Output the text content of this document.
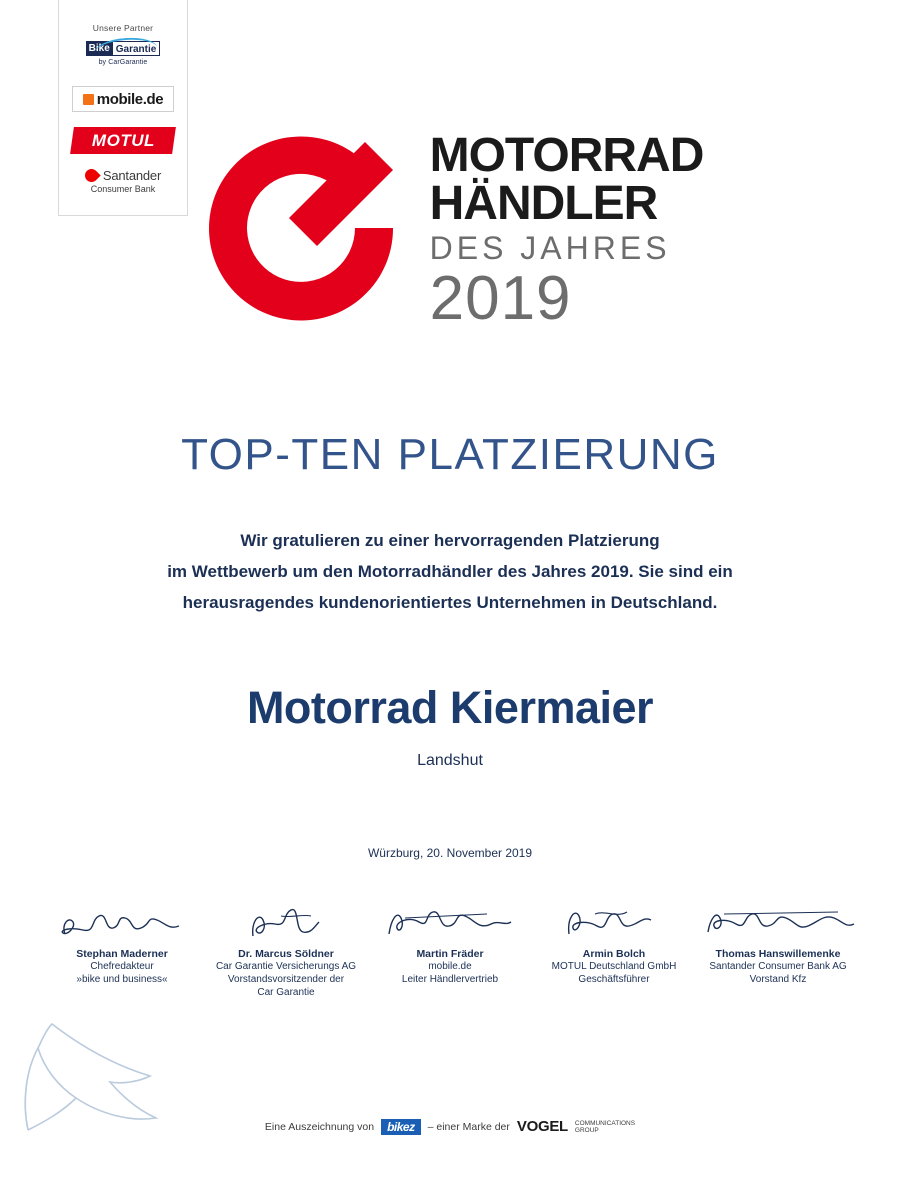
Unsere Partner
Bike Garantie
by CarGarantie
mobile.de
MOTUL
Santander
Consumer Bank
MOTORRAD
HÄNDLER
DES JAHRES
2019
TOP-TEN PLATZIERUNG
Wir gratulieren zu einer hervorragenden Platzierung
im Wettbewerb um den Motorradhändler des Jahres 2019. Sie sind ein
herausragendes kundenorientiertes Unternehmen in Deutschland.
Motorrad Kiermaier
Landshut
Würzburg, 20. November 2019
Stephan Maderner
Chefredakteur
»bike und business«
Dr. Marcus Söldner
Car Garantie Versicherungs AG
Vorstandsvorsitzender der
Car Garantie
Martin Fräder
mobile.de
Leiter Händlervertrieb
Armin Bolch
MOTUL Deutschland GmbH
Geschäftsführer
Thomas Hanswillemenke
Santander Consumer Bank AG
Vorstand Kfz
Eine Auszeichnung von	bikez	– einer Marke der VOGEL COMMUNICATIONS
GROUP
